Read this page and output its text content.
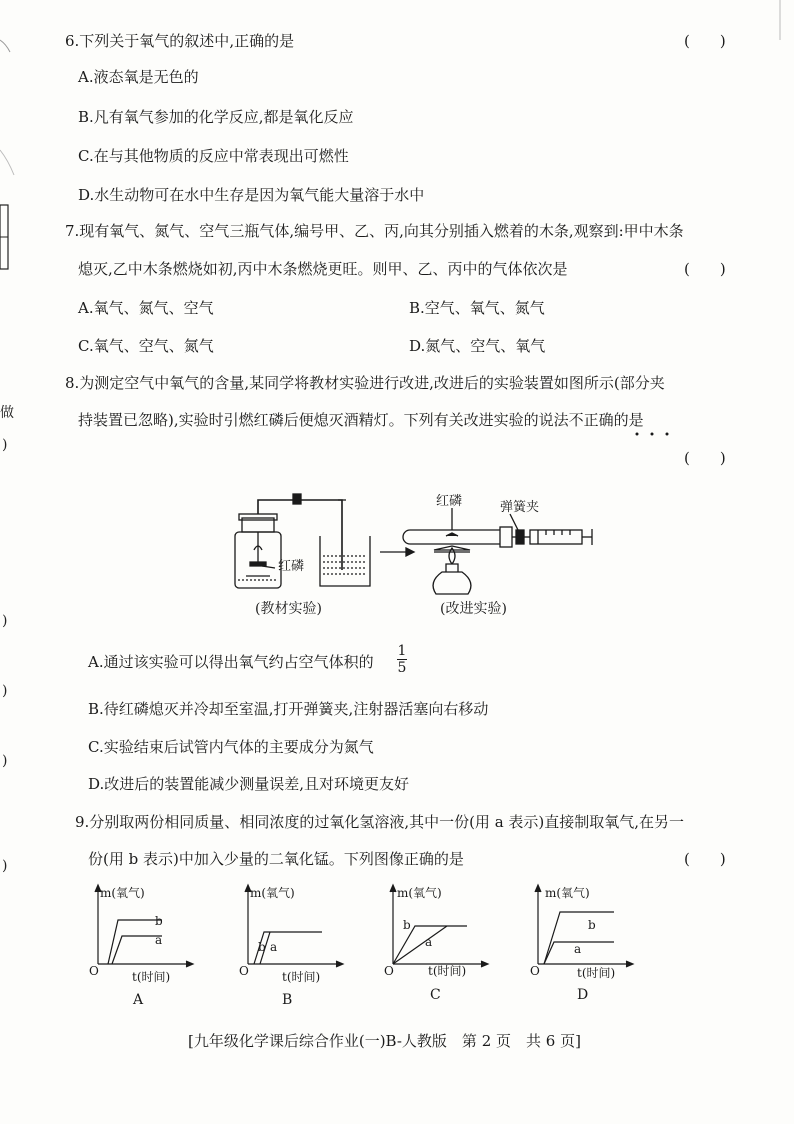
6.下列关于氧气的叙述中,正确的是	(　　)
A.液态氧是无色的
B.凡有氧气参加的化学反应,都是氧化反应
C.在与其他物质的反应中常表现出可燃性
D.水生动物可在水中生存是因为氧气能大量溶于水中
7.现有氧气、氮气、空气三瓶气体,编号甲、乙、丙,向其分别插入燃着的木条,观察到:甲中木条
熄灭,乙中木条燃烧如初,丙中木条燃烧更旺。则甲、乙、丙中的气体依次是	(　　)
A.氧气、氮气、空气	B.空气、氧气、氮气
C.氧气、空气、氮气	D.氮气、空气、氧气
8.为测定空气中氧气的含量,某同学将教材实验进行改进,改进后的实验装置如图所示(部分夹
持装置已忽略),实验时引燃红磷后便熄灭酒精灯。下列有关改进实验的说法不正确的是
(　　)
红磷
红磷	弹簧夹
(教材实验)	(改进实验)
A.通过该实验可以得出氧气约占空气体积的
1
5
B.待红磷熄灭并冷却至室温,打开弹簧夹,注射器活塞向右移动
C.实验结束后试管内气体的主要成分为氮气
D.改进后的装置能减少测量误差,且对环境更友好
9.分别取两份相同质量、相同浓度的过氧化氢溶液,其中一份(用 a 表示)直接制取氧气,在另一
份(用 b 表示)中加入少量的二氧化锰。下列图像正确的是	(　　)
m(氧气)
b
a
O	t(时间)
A
m(氧气)
b a
O	t(时间)
B
m(氧气)
b
a
O	t(时间)
C
m(氧气)
b
a
O	t(时间)
D
[九年级化学课后综合作业(一)B-人教版　第 2 页　共 6 页]
做
)
)
)
)
)
